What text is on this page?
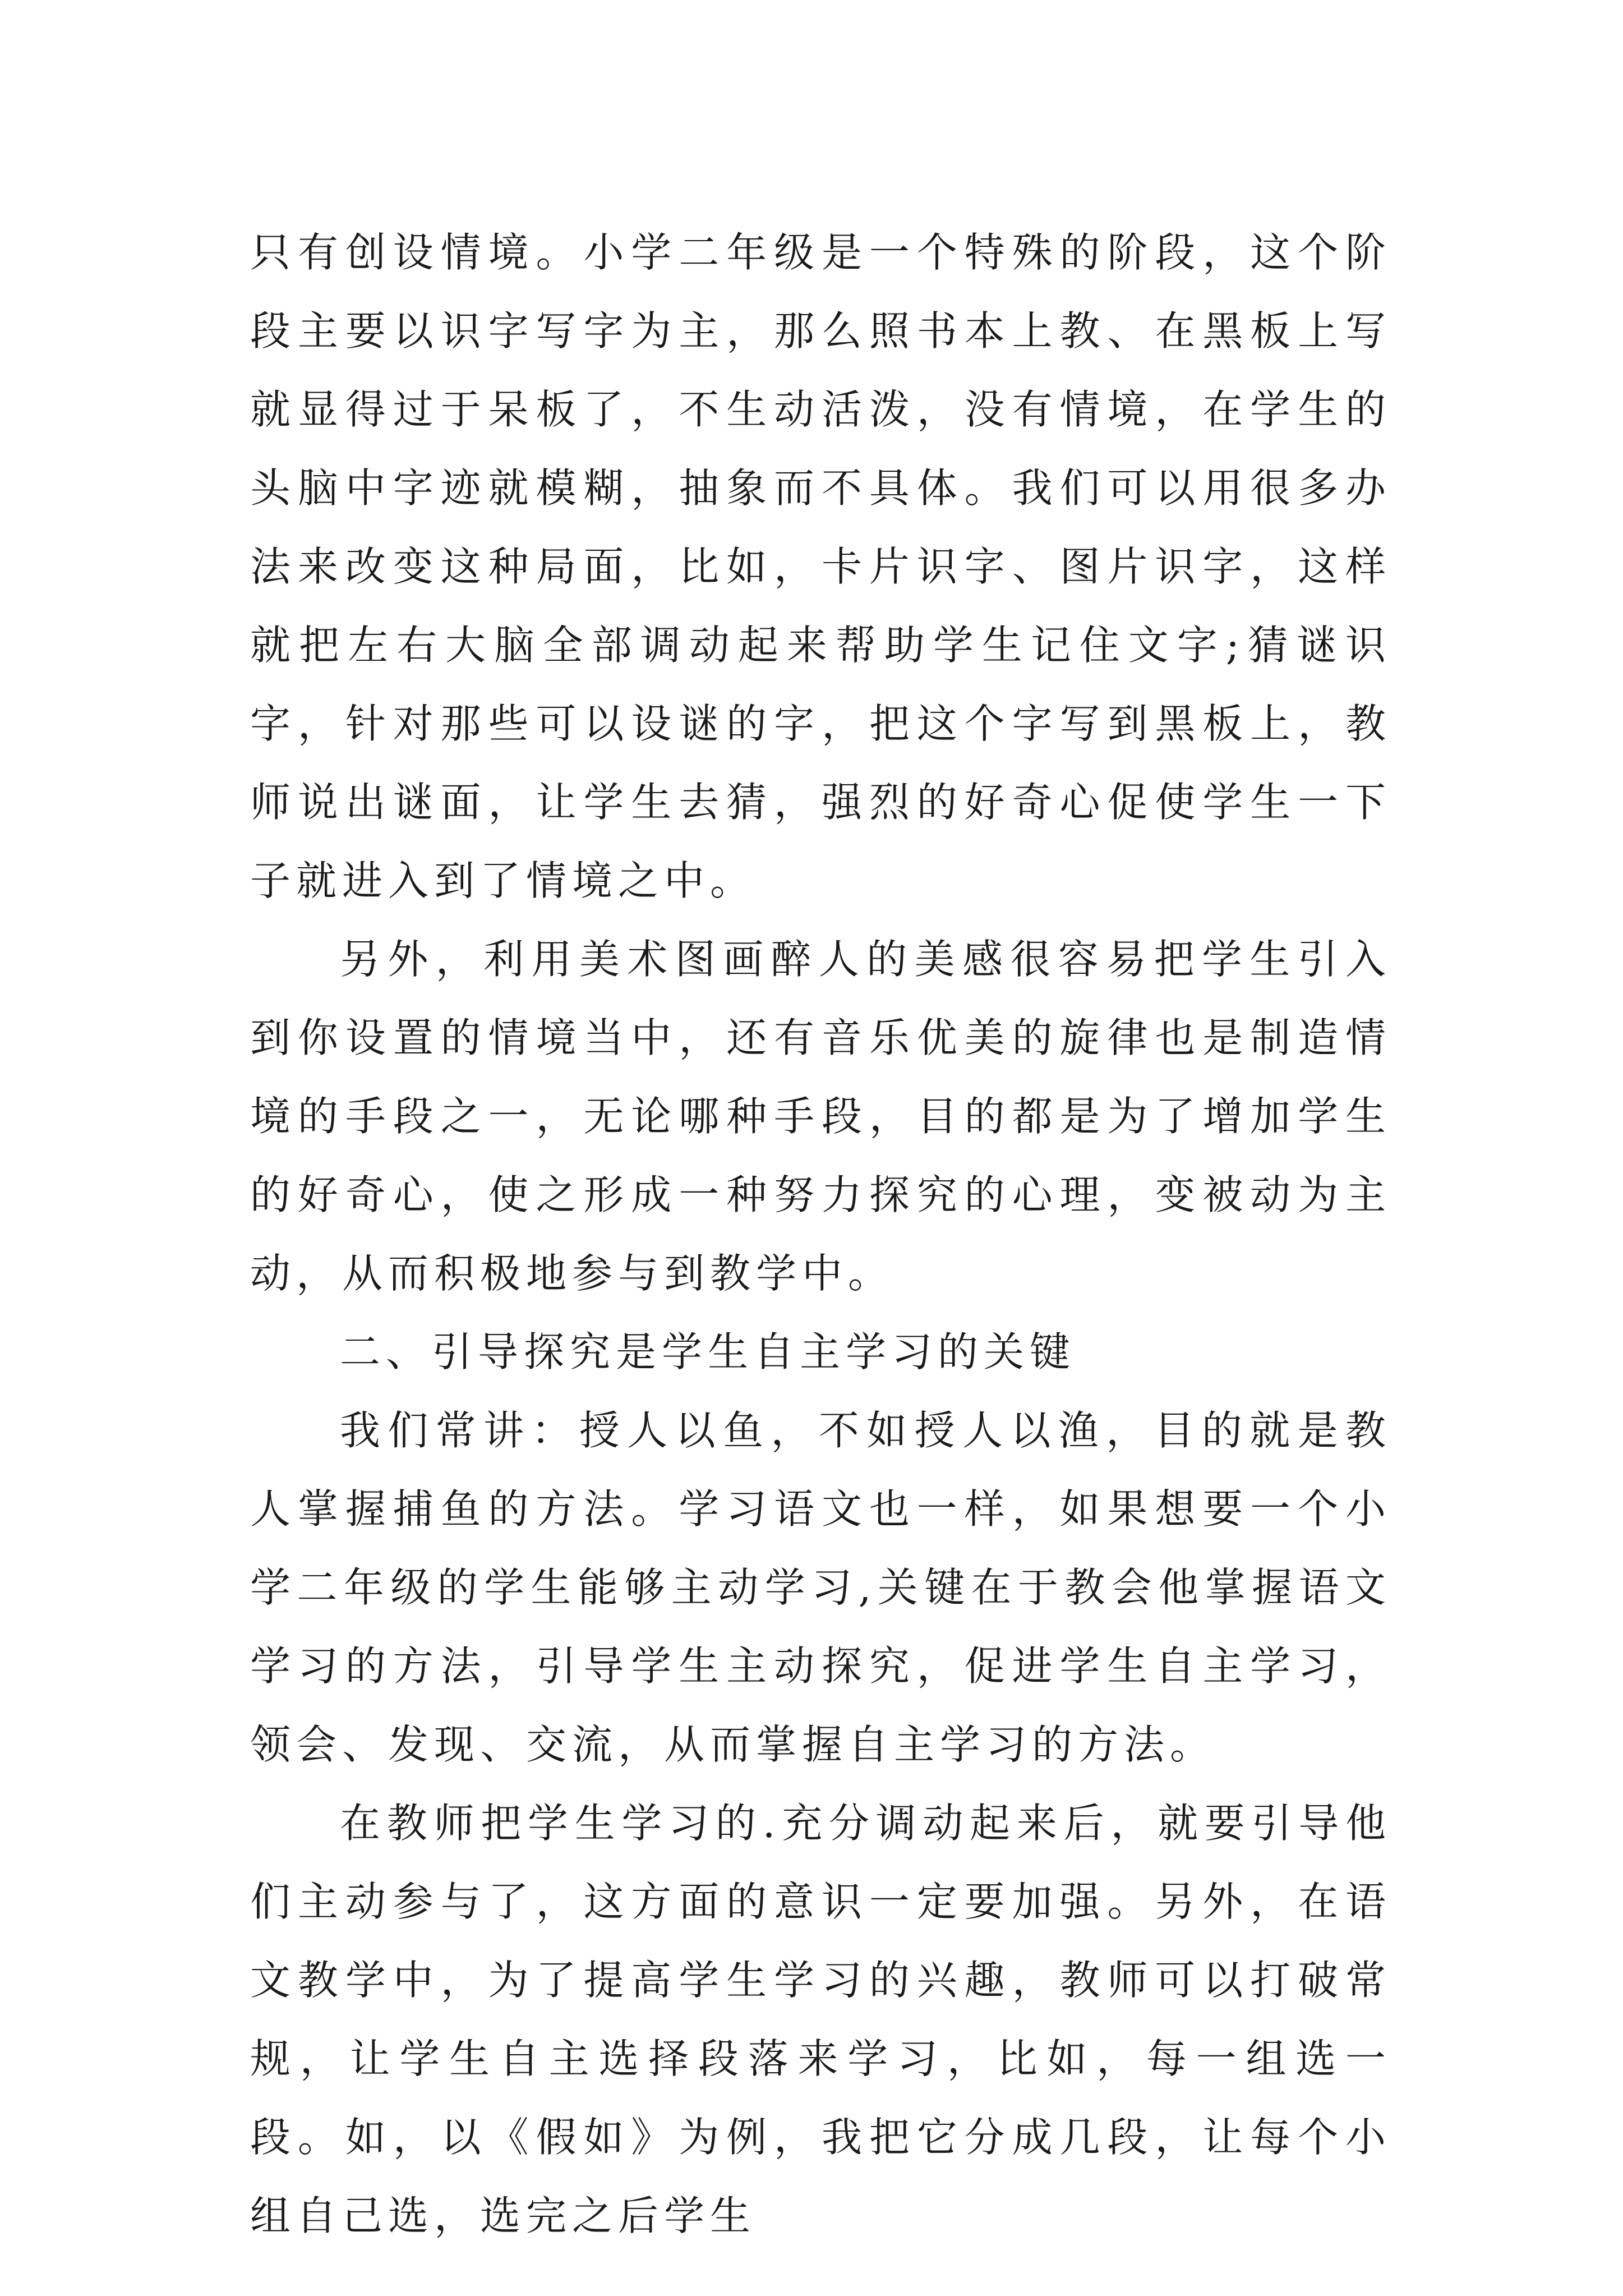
只有创设情境。小学二年级是一个特殊的阶段，这个阶段主要以识字写字为主，那么照书本上教、在黑板上写就显得过于呆板了，不生动活泼，没有情境，在学生的头脑中字迹就模糊，抽象而不具体。我们可以用很多办法来改变这种局面，比如，卡片识字、图片识字，这样就把左右大脑全部调动起来帮助学生记住文字;猜谜识字，针对那些可以设谜的字，把这个字写到黑板上，教师说出谜面，让学生去猜，强烈的好奇心促使学生一下子就进入到了情境之中。

另外，利用美术图画醉人的美感很容易把学生引入到你设置的情境当中，还有音乐优美的旋律也是制造情境的手段之一，无论哪种手段，目的都是为了增加学生的好奇心，使之形成一种努力探究的心理，变被动为主动，从而积极地参与到教学中。

二、引导探究是学生自主学习的关键

我们常讲：授人以鱼，不如授人以渔，目的就是教人掌握捕鱼的方法。学习语文也一样，如果想要一个小学二年级的学生能够主动学习,关键在于教会他掌握语文学习的方法，引导学生主动探究，促进学生自主学习，领会、发现、交流，从而掌握自主学习的方法。

在教师把学生学习的.充分调动起来后，就要引导他们主动参与了，这方面的意识一定要加强。另外，在语文教学中，为了提高学生学习的兴趣，教师可以打破常规，让学生自主选择段落来学习，比如，每一组选一段。如，以《假如》为例，我把它分成几段，让每个小组自己选，选完之后学生
